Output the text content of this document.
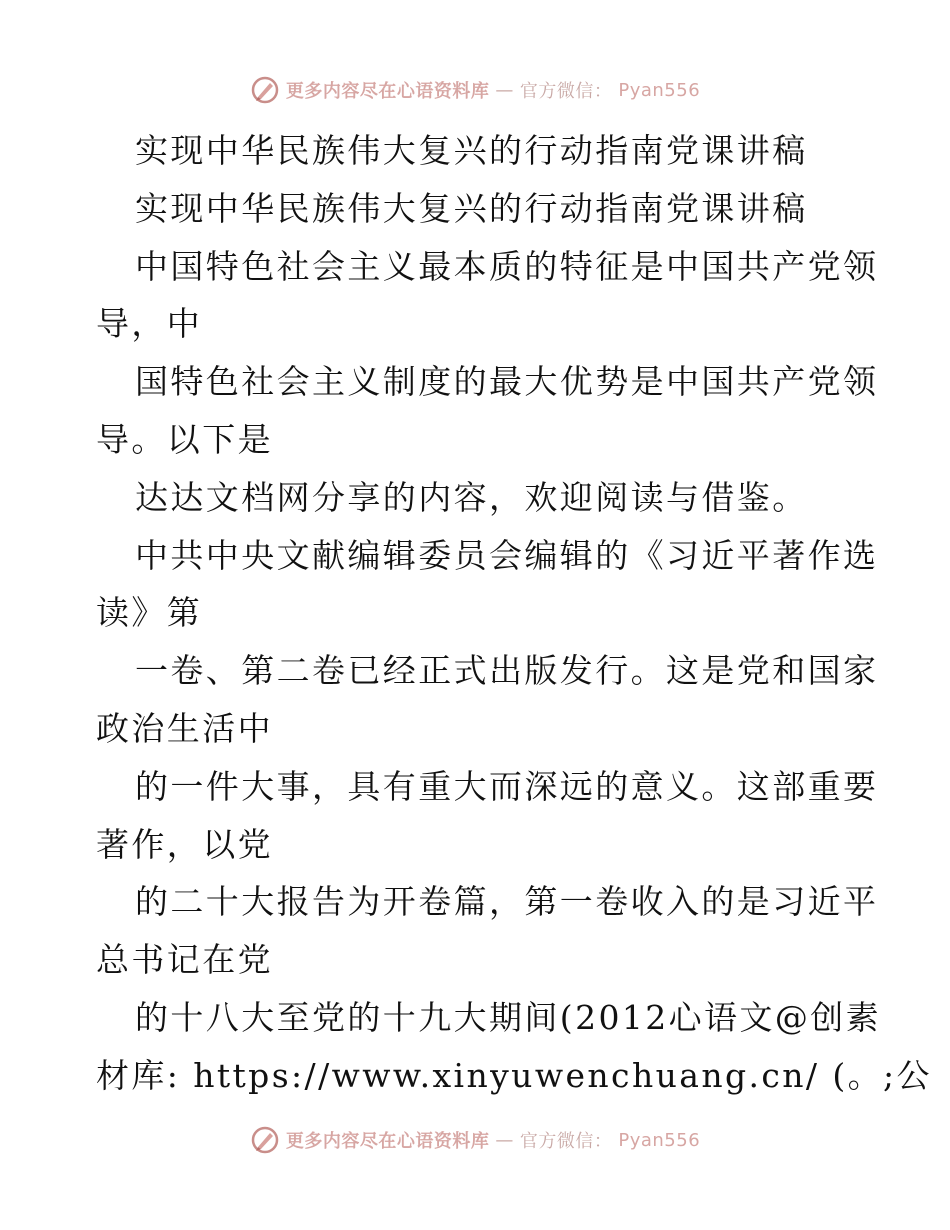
更多内容尽在心语资料库 — 官方微信： Pyan556
实现中华民族伟大复兴的行动指南党课讲稿
实现中华民族伟大复兴的行动指南党课讲稿
中国特色社会主义最本质的特征是中国共产党领
导，中
国特色社会主义制度的最大优势是中国共产党领
导。以下是
达达文档网分享的内容，欢迎阅读与借鉴。
中共中央文献编辑委员会编辑的《习近平著作选
读》第
一卷、第二卷已经正式出版发行。这是党和国家
政治生活中
的一件大事，具有重大而深远的意义。这部重要
著作，以党
的二十大报告为开卷篇，第一卷收入的是习近平
总书记在党
的十八大至党的十九大期间(2012心语文@创素
材库: https://www.xinyuwenchuang.cn/ (。;公
更多内容尽在心语资料库 — 官方微信： Pyan556
